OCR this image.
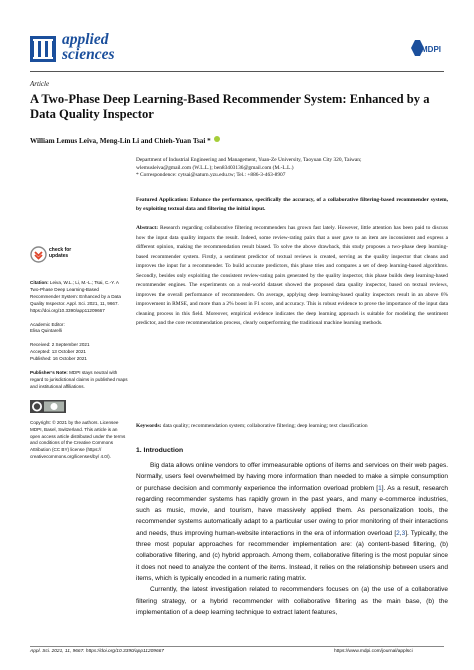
applied
sciences	MDPI
Article
A Two-Phase Deep Learning-Based Recommender System: Enhanced by a Data Quality Inspector
William Lemus Leiva, Meng-Lin Li and Chieh-Yuan Tsai *
Department of Industrial Engineering and Management, Yuan-Ze University, Taoyuan City 320, Taiwan;
wlemusleiva@gmail.com (W.L.L.); ben83403136@gmail.com (M.-L.L.)
* Correspondence: cytsai@saturn.yzu.edu.tw; Tel.: +886-3-463-8907
Featured Application: Enhance the performance, specifically the accuracy, of a collaborative filtering-based recommender system, by exploiting textual data and filtering the initial input.
Abstract: Research regarding collaborative filtering recommenders has grown fast lately. However, little attention has been paid to discuss how the input data quality impacts the result. Indeed, some review-rating pairs that a user gave to an item are inconsistent and express a different opinion, making the recommendation result biased. To solve the above drawback, this study proposes a two-phase deep learning-based recommender system. Firstly, a sentiment predictor of textual reviews is created, serving as the quality inspector that cleans and improves the input for a recommender. To build accurate predictors, this phase tries and compares a set of deep learning-based algorithms. Secondly, besides only exploiting the consistent review-rating pairs generated by the quality inspector, this phase builds deep learning-based recommender engines. The experiments on a real-world dataset showed the proposed data quality inspector, based on textual reviews, improves the overall performance of recommenders. On average, applying deep learning-based quality inspectors result in an above 6% improvement in RMSE, and more than a 2% boost in F1 score, and accuracy. This is robust evidence to prove the importance of the input data cleaning process in this field. Moreover, empirical evidence indicates the deep learning approach is suitable for modeling the sentiment predictor, and the core recommendation process, clearly outperforming the traditional machine learning methods.
Keywords: data quality; recommendation system; collaborative filtering; deep learning; text classification
check for
updates
Citation: Leiva, W.L.; Li, M.-L.; Tsai, C.-Y. A Two-Phase Deep Learning-Based Recommender System: Enhanced by a Data Quality Inspector. Appl. Sci. 2021, 11, 9667. https://doi.org/10.3390/app11209667
Academic Editor:
Elisa Quintarelli
Received: 2 September 2021
Accepted: 13 October 2021
Published: 16 October 2021
Publisher’s Note: MDPI stays neutral with regard to jurisdictional claims in published maps and institutional affiliations.
Copyright: © 2021 by the authors. Licensee MDPI, Basel, Switzerland. This article is an open access article distributed under the terms and conditions of the Creative Commons Attribution (CC BY) license (https:// creativecommons.org/licenses/by/ 4.0/).
1. Introduction

Big data allows online vendors to offer immeasurable options of items and services on their web pages. Normally, users feel overwhelmed by having more information than needed to make a simple consumption or purchase decision and commonly experience the information overload problem [1]. As a result, research regarding recommender systems has rapidly grown in the past years, and many e-commerce industries, such as music, movie, and tourism, have massively applied them. As personalization tools, the recommender systems automatically adapt to a particular user owing to prior monitoring of their interactions and needs, thus improving human-website interactions in the era of information overload [2,3]. Typically, the three most popular approaches for recommender implementation are: (a) content-based filtering, (b) collaborative filtering, and (c) hybrid approach. Among them, collaborative filtering is the most popular since it does not need to analyze the content of the items. Instead, it relies on the relationship between users and items, which is typically encoded in a numeric rating matrix.

Currently, the latest investigation related to recommenders focuses on (a) the use of a collaborative filtering strategy, or a hybrid recommender with collaborative filtering as the main base, (b) the implementation of a deep learning technique to extract latent features,

Appl. Sci. 2021, 11, 9667. https://doi.org/10.3390/app11209667	https://www.mdpi.com/journal/applsci
